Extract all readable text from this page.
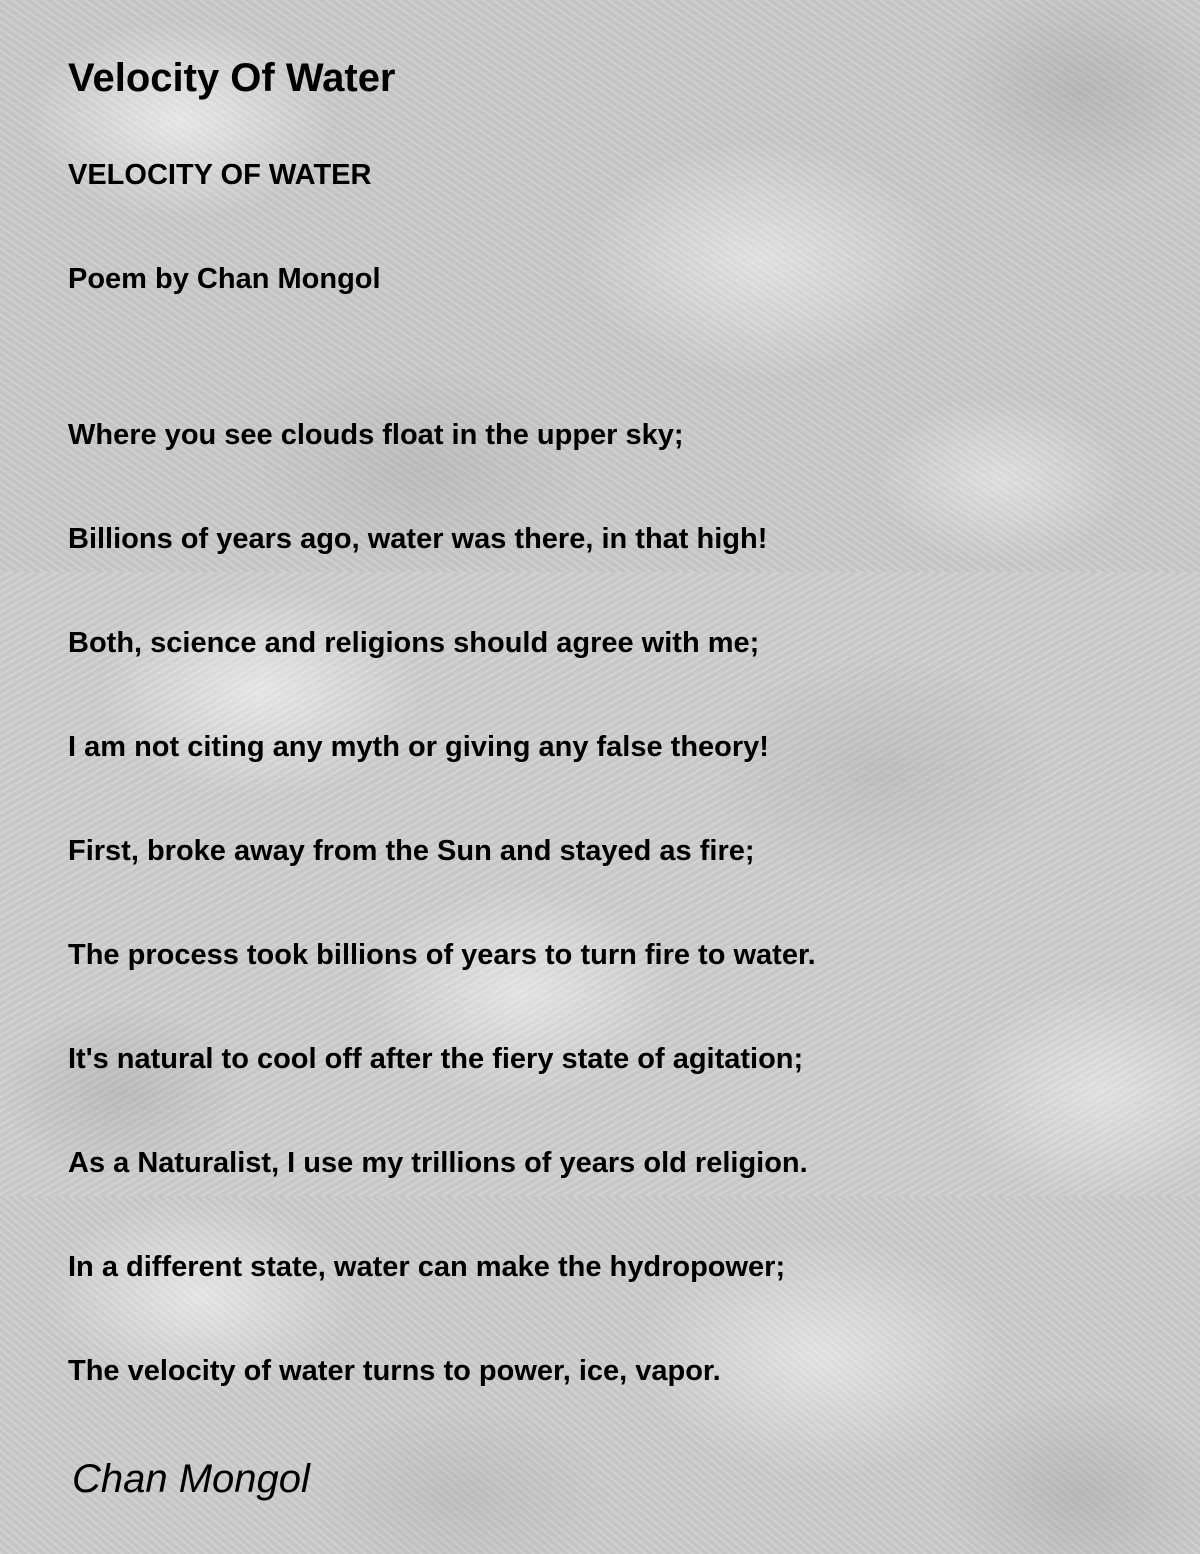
Velocity Of Water

VELOCITY OF WATER

Poem by Chan Mongol

Where you see clouds float in the upper sky;
Billions of years ago, water was there, in that high!
Both, science and religions should agree with me;
I am not citing any myth or giving any false theory!
First, broke away from the Sun and stayed as fire;
The process took billions of years to turn fire to water.
It's natural to cool off after the fiery state of agitation;
As a Naturalist, I use my trillions of years old religion.
In a different state, water can make the hydropower;
The velocity of water turns to power, ice, vapor.

Chan Mongol
